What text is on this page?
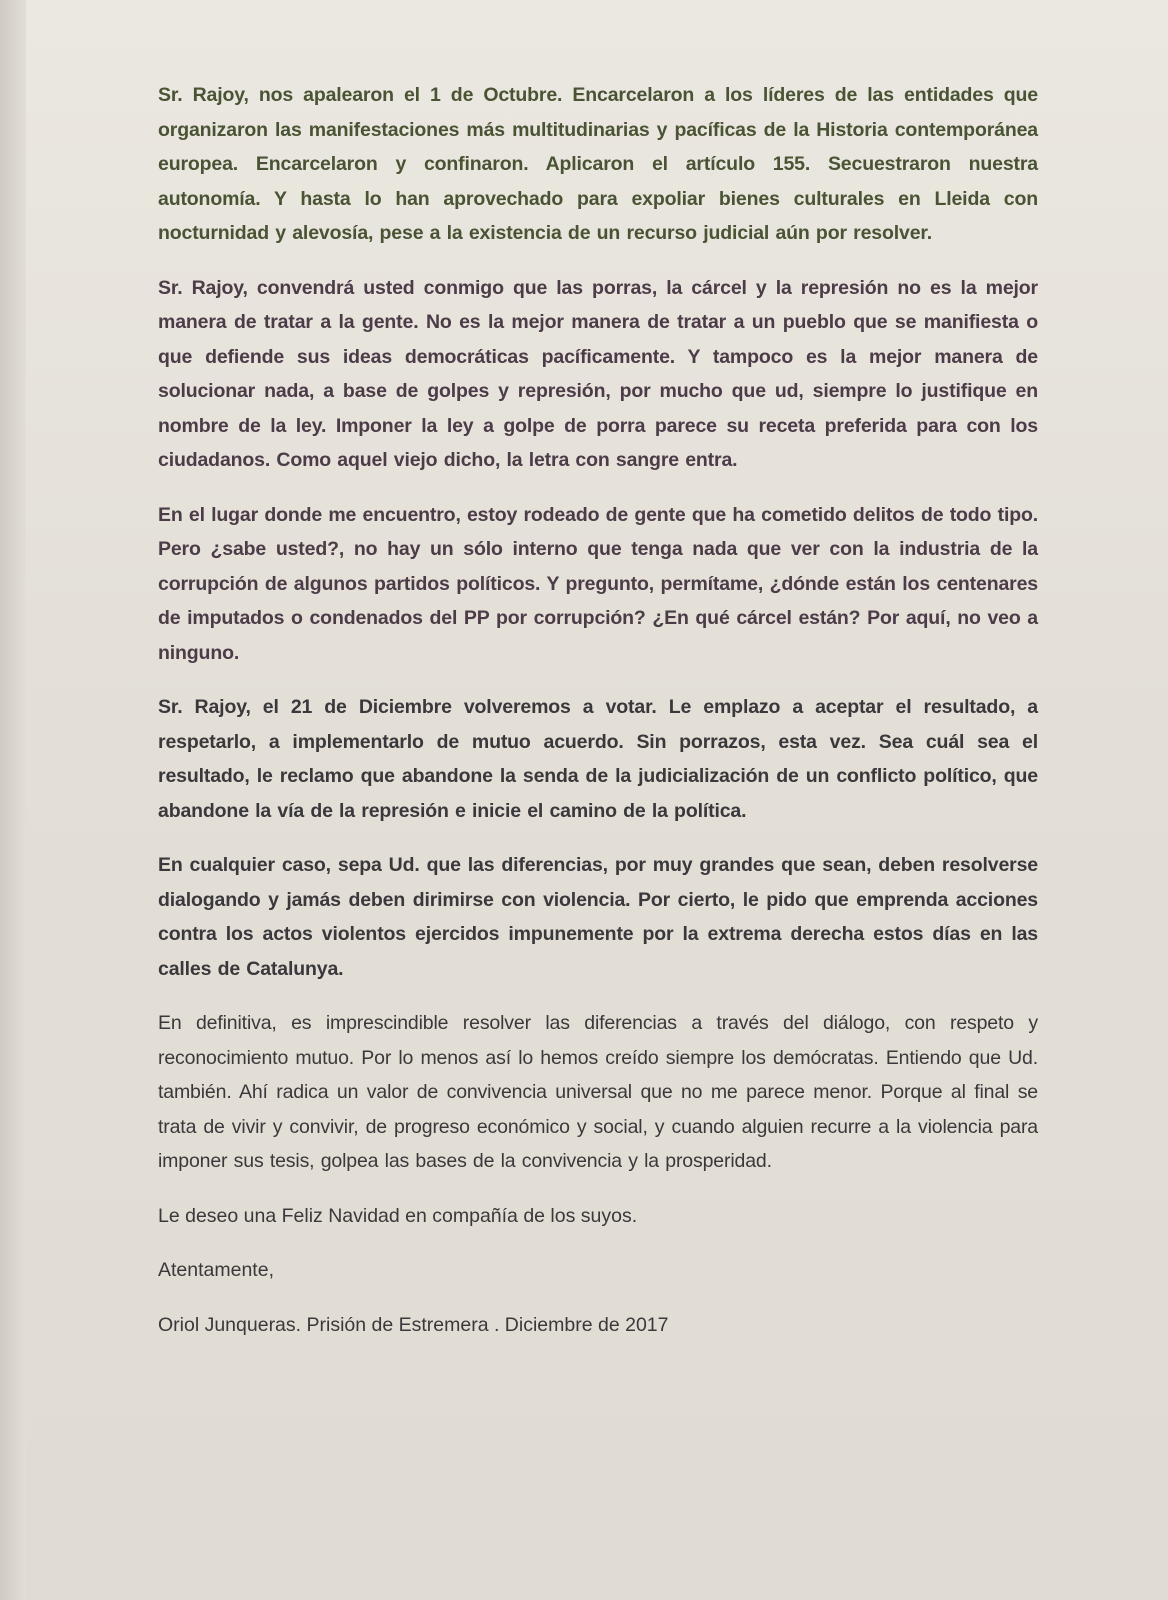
Sr. Rajoy, nos apalearon el 1 de Octubre. Encarcelaron a los líderes de las entidades que organizaron las manifestaciones más multitudinarias y pacíficas de la Historia contemporánea europea. Encarcelaron y confinaron. Aplicaron el artículo 155. Secuestraron nuestra autonomía. Y hasta lo han aprovechado para expoliar bienes culturales en Lleida con nocturnidad y alevosía, pese a la existencia de un recurso judicial aún por resolver.

Sr. Rajoy, convendrá usted conmigo que las porras, la cárcel y la represión no es la mejor manera de tratar a la gente. No es la mejor manera de tratar a un pueblo que se manifiesta o que defiende sus ideas democráticas pacíficamente. Y tampoco es la mejor manera de solucionar nada, a base de golpes y represión, por mucho que ud, siempre lo justifique en nombre de la ley. Imponer la ley a golpe de porra parece su receta preferida para con los ciudadanos. Como aquel viejo dicho, la letra con sangre entra.

En el lugar donde me encuentro, estoy rodeado de gente que ha cometido delitos de todo tipo. Pero ¿sabe usted?, no hay un sólo interno que tenga nada que ver con la industria de la corrupción de algunos partidos políticos. Y pregunto, permítame, ¿dónde están los centenares de imputados o condenados del PP por corrupción? ¿En qué cárcel están? Por aquí, no veo a ninguno.

Sr. Rajoy, el 21 de Diciembre volveremos a votar. Le emplazo a aceptar el resultado, a respetarlo, a implementarlo de mutuo acuerdo. Sin porrazos, esta vez. Sea cuál sea el resultado, le reclamo que abandone la senda de la judicialización de un conflicto político, que abandone la vía de la represión e inicie el camino de la política.

En cualquier caso, sepa Ud. que las diferencias, por muy grandes que sean, deben resolverse dialogando y jamás deben dirimirse con violencia. Por cierto, le pido que emprenda acciones contra los actos violentos ejercidos impunemente por la extrema derecha estos días en las calles de Catalunya.

En definitiva, es imprescindible resolver las diferencias a través del diálogo, con respeto y reconocimiento mutuo. Por lo menos así lo hemos creído siempre los demócratas. Entiendo que Ud. también. Ahí radica un valor de convivencia universal que no me parece menor. Porque al final se trata de vivir y convivir, de progreso económico y social, y cuando alguien recurre a la violencia para imponer sus tesis, golpea las bases de la convivencia y la prosperidad.

Le deseo una Feliz Navidad en compañía de los suyos.

Atentamente,

Oriol Junqueras. Prisión de Estremera . Diciembre de 2017
